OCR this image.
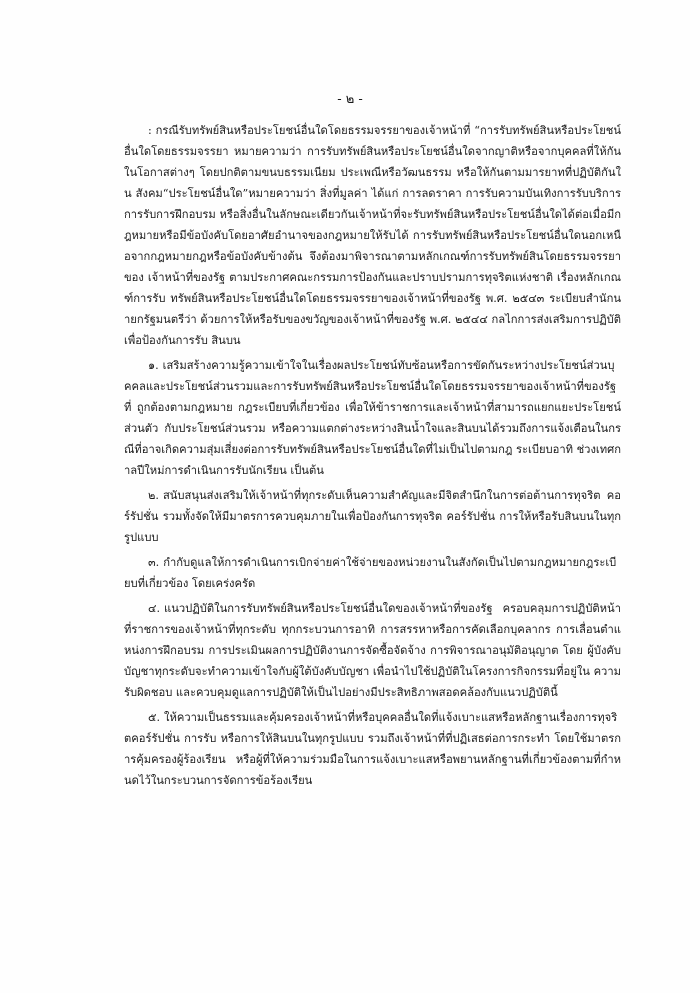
- ๒ -

: กรณีรับทรัพย์สินหรือประโยชน์อื่นใดโดยธรรมจรรยาของเจ้าหน้าที่ “การรับทรัพย์สินหรือประโยชน์อื่นใดโดยธรรมจรรยา หมายความว่า การรับทรัพย์สินหรือประโยชน์อื่นใดจากญาติหรือจากบุคคลที่ให้กันในโอกาสต่างๆ โดยปกติตามขนบธรรมเนียม ประเพณีหรือวัฒนธรรม หรือให้กันตามมารยาทที่ปฏิบัติกันใน สังคม“ประโยชน์อื่นใด”หมายความว่า สิ่งที่มูลค่า ได้แก่ การลดราคา การรับความบันเทิงการรับบริการ การรับการฝึกอบรม หรือสิ่งอื่นในลักษณะเดียวกันเจ้าหน้าที่จะรับทรัพย์สินหรือประโยชน์อื่นใดได้ต่อเมื่อมีกฎหมายหรือมีข้อบังคับโดยอาศัยอำนาจของกฎหมายให้รับได้ การรับทรัพย์สินหรือประโยชน์อื่นใดนอกเหนือจากกฎหมายกฎหรือข้อบังคับข้างต้น จึงต้องมาพิจารณาตามหลักเกณฑ์การรับทรัพย์สินโดยธรรมจรรยาของ เจ้าหน้าที่ของรัฐ ตามประกาศคณะกรรมการป้องกันและปราบปรามการทุจริตแห่งชาติ เรื่องหลักเกณฑ์การรับ ทรัพย์สินหรือประโยชน์อื่นใดโดยธรรมจรรยาของเจ้าหน้าที่ของรัฐ พ.ศ. ๒๕๔๓ ระเบียบสำนักนายกรัฐมนตรีว่า ด้วยการให้หรือรับของขวัญของเจ้าหน้าที่ของรัฐ พ.ศ. ๒๕๔๔ กลไกการส่งเสริมการปฏิบัติเพื่อป้องกันการรับ สินบน

๑. เสริมสร้างความรู้ความเข้าใจในเรื่องผลประโยชน์ทับซ้อนหรือการขัดกันระหว่างประโยชน์ส่วนบุคคลและประโยชน์ส่วนรวมและการรับทรัพย์สินหรือประโยชน์อื่นใดโดยธรรมจรรยาของเจ้าหน้าที่ของรัฐที่ ถูกต้องตามกฎหมาย กฎระเบียบที่เกี่ยวข้อง เพื่อให้ข้าราชการและเจ้าหน้าที่สามารถแยกแยะประโยชน์ส่วนตัว กับประโยชน์ส่วนรวม หรือความแตกต่างระหว่างสินน้ำใจและสินบนได้รวมถึงการแจ้งเตือนในกรณีที่อาจเกิดความสุ่มเสี่ยงต่อการรับทรัพย์สินหรือประโยชน์อื่นใดที่ไม่เป็นไปตามกฎ ระเบียบอาทิ ช่วงเทศกาลปีใหม่การดำเนินการรับนักเรียน เป็นต้น

๒. สนับสนุนส่งเสริมให้เจ้าหน้าที่ทุกระดับเห็นความสำคัญและมีจิตสำนึกในการต่อต้านการทุจริต คอร์รัปชั่น รวมทั้งจัดให้มีมาตรการควบคุมภายในเพื่อป้องกันการทุจริต คอร์รัปชั่น การให้หรือรับสินบนในทุกรูปแบบ

๓. กำกับดูแลให้การดำเนินการเบิกจ่ายค่าใช้จ่ายของหน่วยงานในสังกัดเป็นไปตามกฎหมายกฎระเบียบที่เกี่ยวข้อง โดยเคร่งครัด

๔. แนวปฏิบัติในการรับทรัพย์สินหรือประโยชน์อื่นใดของเจ้าหน้าที่ของรัฐ ครอบคลุมการปฏิบัติหน้าที่ราชการของเจ้าหน้าที่ทุกระดับ ทุกกระบวนการอาทิ การสรรหาหรือการคัดเลือกบุคลากร การเลื่อนตำแหน่งการฝึกอบรม การประเมินผลการปฏิบัติงานการจัดซื้อจัดจ้าง การพิจารณาอนุมัติอนุญาต โดย ผู้บังคับบัญชาทุกระดับจะทำความเข้าใจกับผู้ใต้บังคับบัญชา เพื่อนำไปใช้ปฏิบัติในโครงการกิจกรรมที่อยู่ใน ความรับผิดชอบ และควบคุมดูแลการปฏิบัติให้เป็นไปอย่างมีประสิทธิภาพสอดคล้องกับแนวปฏิบัตินี้

๕. ให้ความเป็นธรรมและคุ้มครองเจ้าหน้าที่หรือบุคคลอื่นใดที่แจ้งเบาะแสหรือหลักฐานเรื่องการทุจริตคอร์รัปชั่น การรับ หรือการให้สินบนในทุกรูปแบบ รวมถึงเจ้าหน้าที่ที่ปฏิเสธต่อการกระทำ โดยใช้มาตรการคุ้มครองผู้ร้องเรียน หรือผู้ที่ให้ความร่วมมือในการแจ้งเบาะแสหรือพยานหลักฐานที่เกี่ยวข้องตามที่กำหนดไว้ในกระบวนการจัดการข้อร้องเรียน
